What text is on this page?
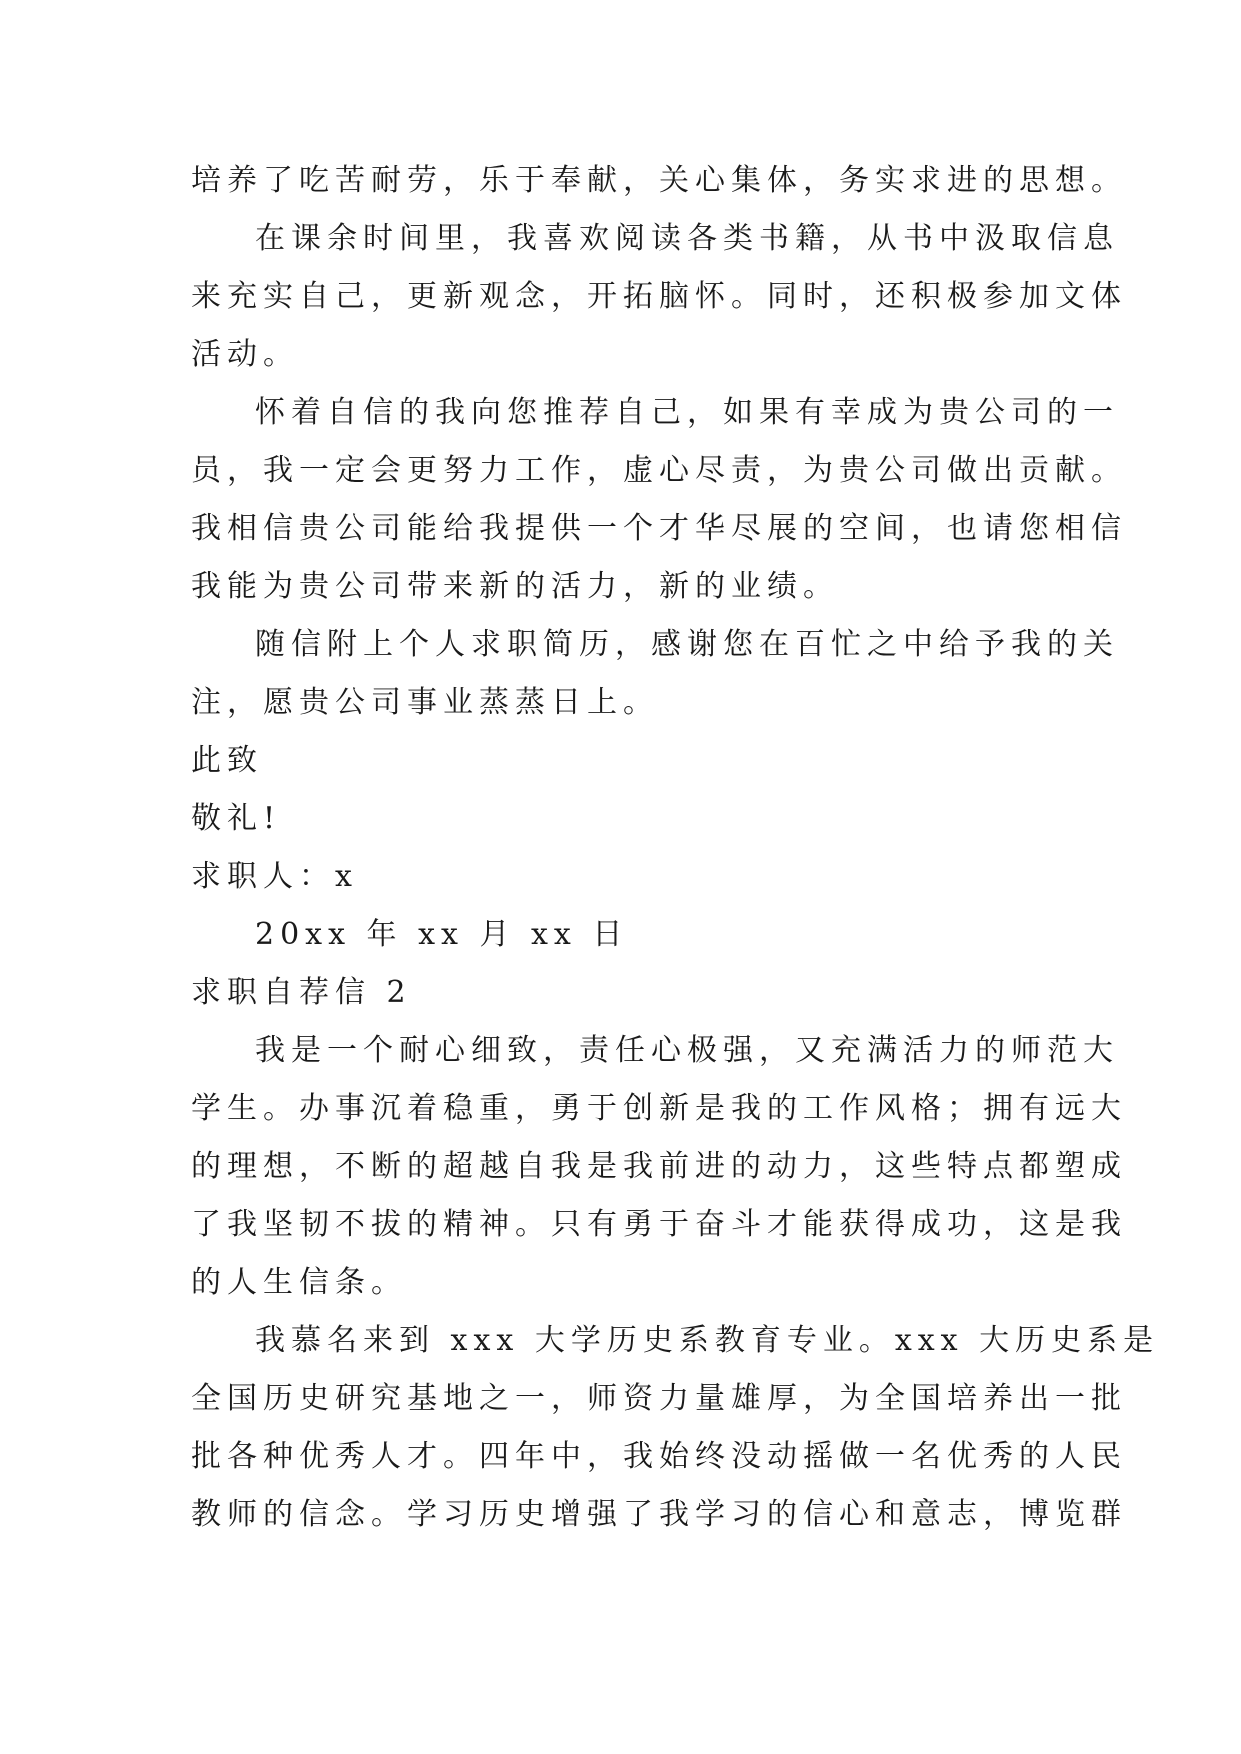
培养了吃苦耐劳，乐于奉献，关心集体，务实求进的思想。
在课余时间里，我喜欢阅读各类书籍，从书中汲取信息
来充实自己，更新观念，开拓脑怀。同时，还积极参加文体
活动。
怀着自信的我向您推荐自己，如果有幸成为贵公司的一
员，我一定会更努力工作，虚心尽责，为贵公司做出贡献。
我相信贵公司能给我提供一个才华尽展的空间，也请您相信
我能为贵公司带来新的活力，新的业绩。
随信附上个人求职简历，感谢您在百忙之中给予我的关
注，愿贵公司事业蒸蒸日上。
此致
敬礼!
求职人：x
20xx 年 xx 月 xx 日
求职自荐信 2
我是一个耐心细致，责任心极强，又充满活力的师范大
学生。办事沉着稳重，勇于创新是我的工作风格；拥有远大
的理想，不断的超越自我是我前进的动力，这些特点都塑成
了我坚韧不拔的精神。只有勇于奋斗才能获得成功，这是我
的人生信条。
我慕名来到 xxx 大学历史系教育专业。xxx 大历史系是
全国历史研究基地之一，师资力量雄厚，为全国培养出一批
批各种优秀人才。四年中，我始终没动摇做一名优秀的人民
教师的信念。学习历史增强了我学习的信心和意志，博览群
